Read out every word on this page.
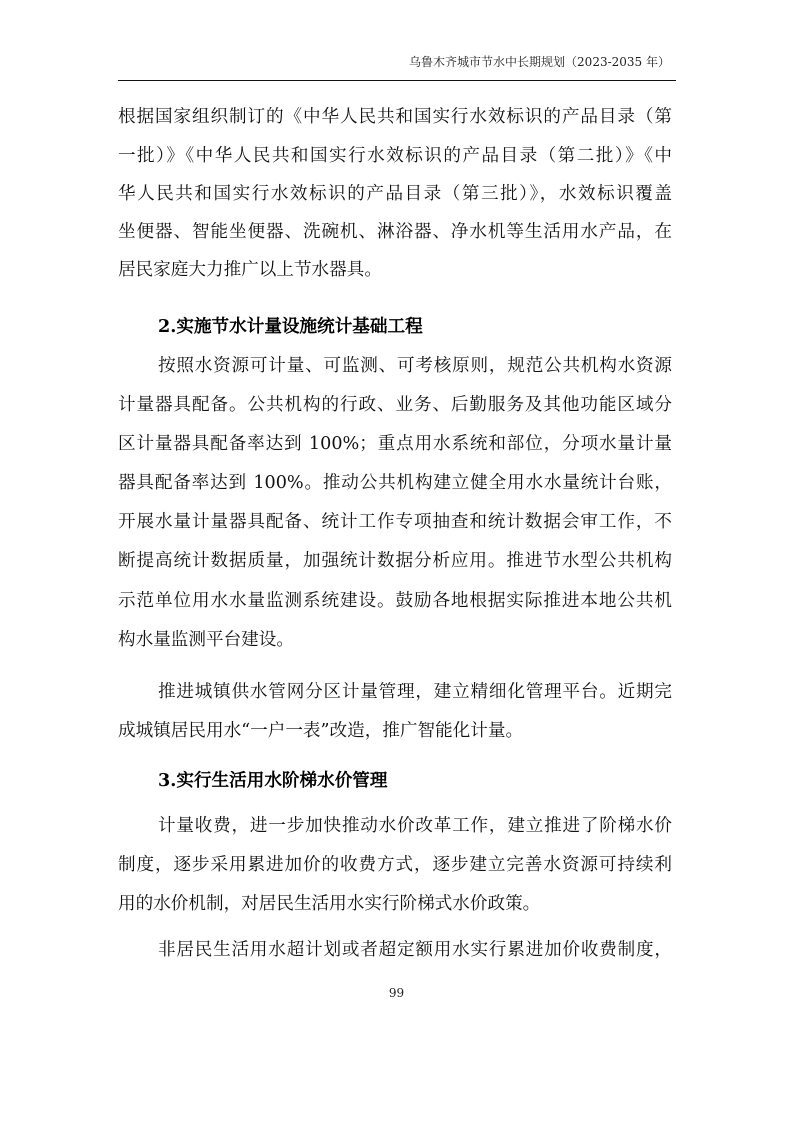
乌鲁木齐城市节水中长期规划（2023-2035 年）
根据国家组织制订的《中华人民共和国实行水效标识的产品目录（第
一批）》《中华人民共和国实行水效标识的产品目录（第二批）》《中
华人民共和国实行水效标识的产品目录（第三批）》，水效标识覆盖
坐便器、智能坐便器、洗碗机、淋浴器、净水机等生活用水产品，在
居民家庭大力推广以上节水器具。
2.实施节水计量设施统计基础工程
按照水资源可计量、可监测、可考核原则，规范公共机构水资源
计量器具配备。公共机构的行政、业务、后勤服务及其他功能区域分
区计量器具配备率达到 100%；重点用水系统和部位，分项水量计量
器具配备率达到 100%。推动公共机构建立健全用水水量统计台账，
开展水量计量器具配备、统计工作专项抽查和统计数据会审工作，不
断提高统计数据质量，加强统计数据分析应用。推进节水型公共机构
示范单位用水水量监测系统建设。鼓励各地根据实际推进本地公共机
构水量监测平台建设。
推进城镇供水管网分区计量管理，建立精细化管理平台。近期完
成城镇居民用水“一户一表”改造，推广智能化计量。
3.实行生活用水阶梯水价管理
计量收费，进一步加快推动水价改革工作，建立推进了阶梯水价
制度，逐步采用累进加价的收费方式，逐步建立完善水资源可持续利
用的水价机制，对居民生活用水实行阶梯式水价政策。
非居民生活用水超计划或者超定额用水实行累进加价收费制度，
99
